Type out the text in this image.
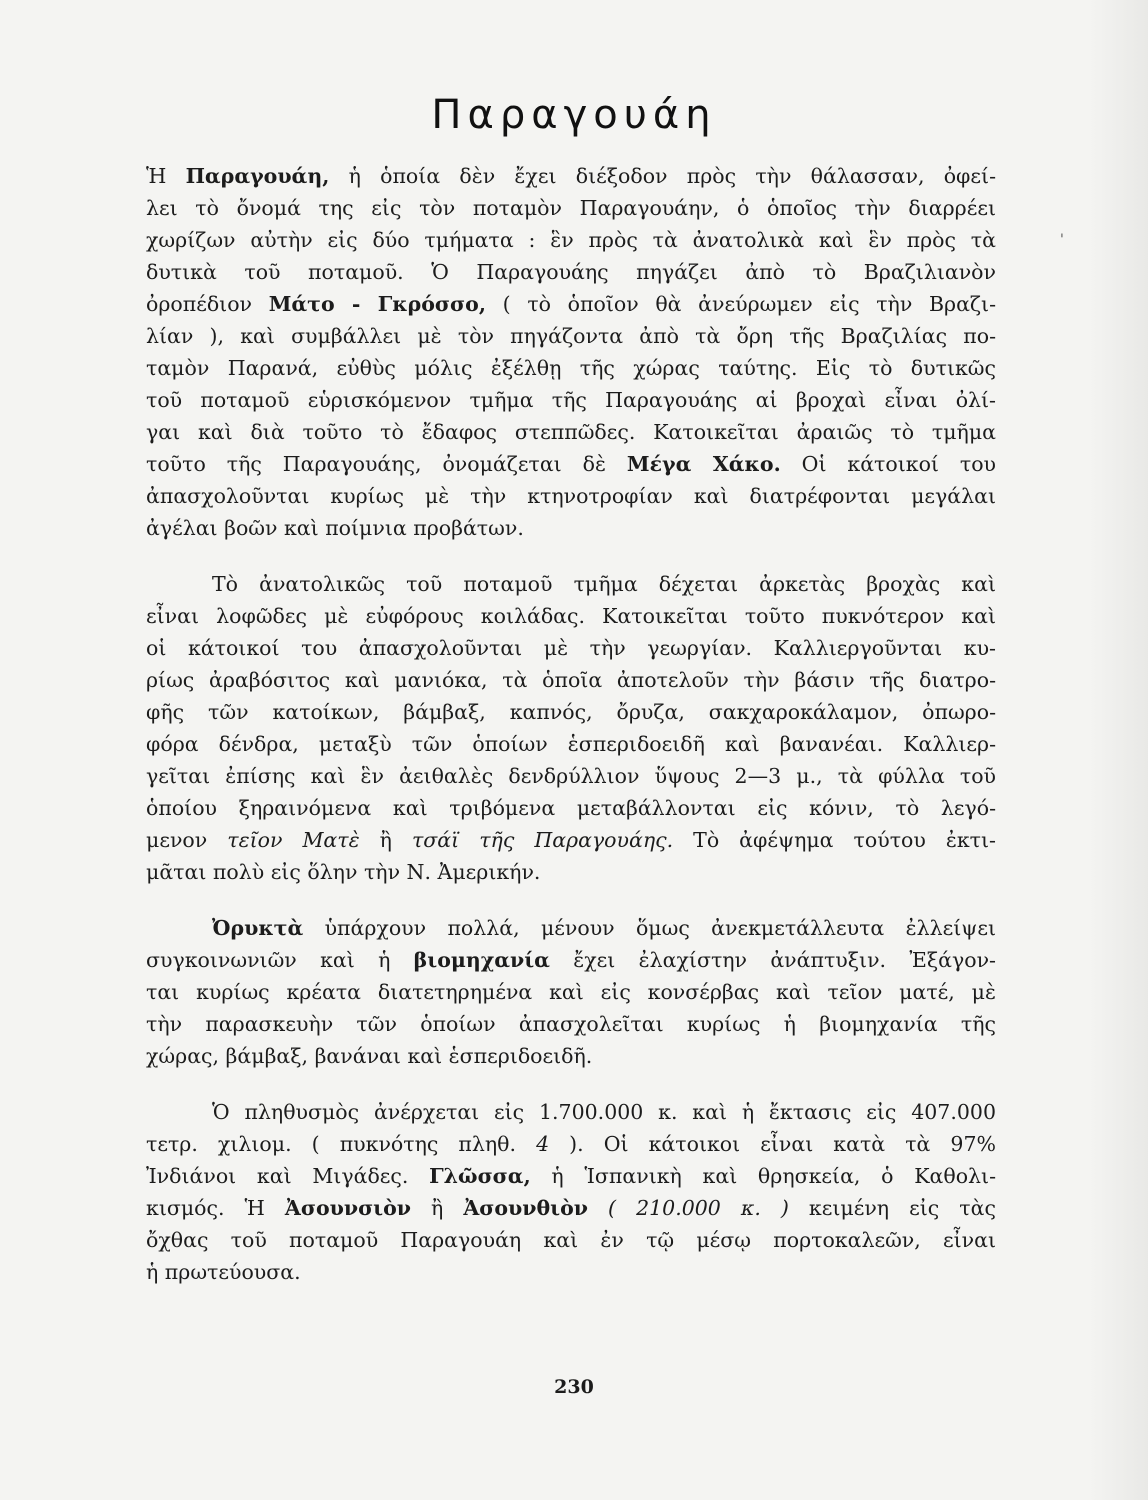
'
Παραγουάη
Ἡ Παραγουάη, ἡ ὁποία δὲν ἔχει διέξοδον πρὸς τὴν θάλασσαν, ὀφεί-
λει τὸ ὄνομά της εἰς τὸν ποταμὸν Παραγουάην, ὁ ὁποῖος τὴν διαρρέει
χωρίζων αὐτὴν εἰς δύο τμήματα : ἓν πρὸς τὰ ἀνατολικὰ καὶ ἓν πρὸς τὰ
δυτικὰ τοῦ ποταμοῦ. Ὁ Παραγουάης πηγάζει ἀπὸ τὸ Βραζιλιανὸν
ὀροπέδιον Μάτο - Γκρόσσο, ( τὸ ὁποῖον θὰ ἀνεύρωμεν εἰς τὴν Βραζι-
λίαν ), καὶ συμβάλλει μὲ τὸν πηγάζοντα ἀπὸ τὰ ὄρη τῆς Βραζιλίας πο-
ταμὸν Παρανά, εὐθὺς μόλις ἐξέλθῃ τῆς χώρας ταύτης. Εἰς τὸ δυτικῶς
τοῦ ποταμοῦ εὑρισκόμενον τμῆμα τῆς Παραγουάης αἱ βροχαὶ εἶναι ὀλί-
γαι καὶ διὰ τοῦτο τὸ ἔδαφος στεππῶδες. Κατοικεῖται ἀραιῶς τὸ τμῆμα
τοῦτο τῆς Παραγουάης, ὀνομάζεται δὲ Μέγα Χάκο. Οἱ κάτοικοί του
ἀπασχολοῦνται κυρίως μὲ τὴν κτηνοτροφίαν καὶ διατρέφονται μεγάλαι
ἀγέλαι βοῶν καὶ ποίμνια προβάτων.
Τὸ ἀνατολικῶς τοῦ ποταμοῦ τμῆμα δέχεται ἀρκετὰς βροχὰς καὶ
εἶναι λοφῶδες μὲ εὐφόρους κοιλάδας. Κατοικεῖται τοῦτο πυκνότερον καὶ
οἱ κάτοικοί του ἀπασχολοῦνται μὲ τὴν γεωργίαν. Καλλιεργοῦνται κυ-
ρίως ἀραβόσιτος καὶ μανιόκα, τὰ ὁποῖα ἀποτελοῦν τὴν βάσιν τῆς διατρο-
φῆς τῶν κατοίκων, βάμβαξ, καπνός, ὄρυζα, σακχαροκάλαμον, ὀπωρο-
φόρα δένδρα, μεταξὺ τῶν ὁποίων ἑσπεριδοειδῆ καὶ βανανέαι. Καλλιερ-
γεῖται ἐπίσης καὶ ἓν ἀειθαλὲς δενδρύλλιον ὕψους 2—3 μ., τὰ φύλλα τοῦ
ὁποίου ξηραινόμενα καὶ τριβόμενα μεταβάλλονται εἰς κόνιν, τὸ λεγό-
μενον τεῖον Ματὲ ἢ τσάϊ τῆς Παραγουάης. Τὸ ἀφέψημα τούτου ἐκτι-
μᾶται πολὺ εἰς ὅλην τὴν Ν. Ἀμερικήν.
Ὀρυκτὰ ὑπάρχουν πολλά, μένουν ὅμως ἀνεκμετάλλευτα ἐλλείψει
συγκοινωνιῶν καὶ ἡ βιομηχανία ἔχει ἐλαχίστην ἀνάπτυξιν. Ἐξάγον-
ται κυρίως κρέατα διατετηρημένα καὶ εἰς κονσέρβας καὶ τεῖον ματέ, μὲ
τὴν παρασκευὴν τῶν ὁποίων ἀπασχολεῖται κυρίως ἡ βιομηχανία τῆς
χώρας, βάμβαξ, βανάναι καὶ ἑσπεριδοειδῆ.
Ὁ πληθυσμὸς ἀνέρχεται εἰς 1.700.000 κ. καὶ ἡ ἔκτασις εἰς 407.000
τετρ. χιλιομ. ( πυκνότης πληθ. 4 ). Οἱ κάτοικοι εἶναι κατὰ τὰ 97%
Ἰνδιάνοι καὶ Μιγάδες. Γλῶσσα, ἡ Ἱσπανικὴ καὶ θρησκεία, ὁ Καθολι-
κισμός. Ἡ Ἀσουνσιὸν ἢ Ἀσουνθιὸν ( 210.000 κ. ) κειμένη εἰς τὰς
ὄχθας τοῦ ποταμοῦ Παραγουάη καὶ ἐν τῷ μέσῳ πορτοκαλεῶν, εἶναι
ἡ πρωτεύουσα.
230
